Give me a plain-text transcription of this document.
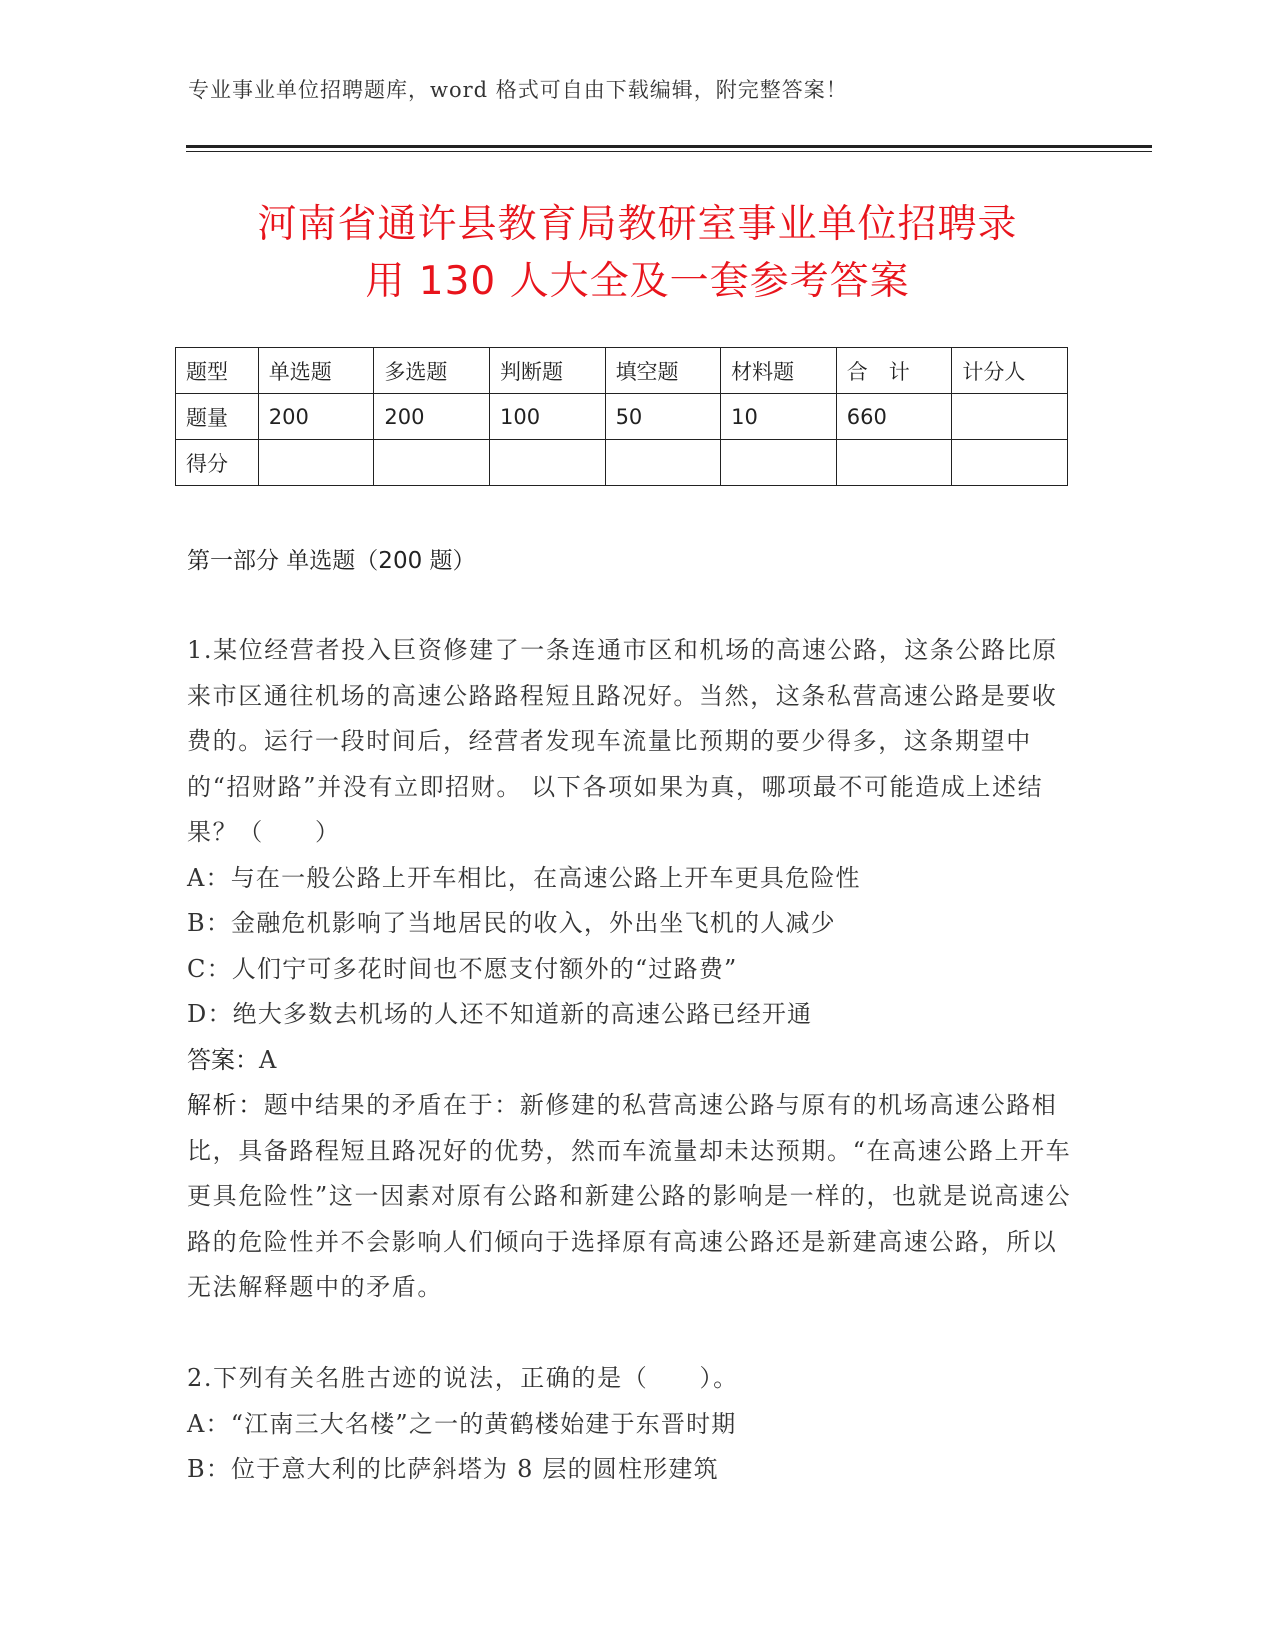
专业事业单位招聘题库，word 格式可自由下载编辑，附完整答案！
河南省通许县教育局教研室事业单位招聘录
用 130 人大全及一套参考答案
题型	单选题	多选题	判断题	填空题	材料题	合　计	计分人
题量	200	200	100	50	10	660	
得分							
第一部分 单选题（200 题）

1.某位经营者投入巨资修建了一条连通市区和机场的高速公路，这条公路比原来市区通往机场的高速公路路程短且路况好。当然，这条私营高速公路是要收费的。运行一段时间后，经营者发现车流量比预期的要少得多，这条期望中的“招财路”并没有立即招财。 以下各项如果为真，哪项最不可能造成上述结果？（　　）

A：与在一般公路上开车相比，在高速公路上开车更具危险性

B：金融危机影响了当地居民的收入，外出坐飞机的人减少

C：人们宁可多花时间也不愿支付额外的“过路费”

D：绝大多数去机场的人还不知道新的高速公路已经开通

答案：A

解析：题中结果的矛盾在于：新修建的私营高速公路与原有的机场高速公路相比，具备路程短且路况好的优势，然而车流量却未达预期。“在高速公路上开车更具危险性”这一因素对原有公路和新建公路的影响是一样的，也就是说高速公路的危险性并不会影响人们倾向于选择原有高速公路还是新建高速公路，所以无法解释题中的矛盾。

2.下列有关名胜古迹的说法，正确的是（　　）。

A：“江南三大名楼”之一的黄鹤楼始建于东晋时期

B：位于意大利的比萨斜塔为 8 层的圆柱形建筑
